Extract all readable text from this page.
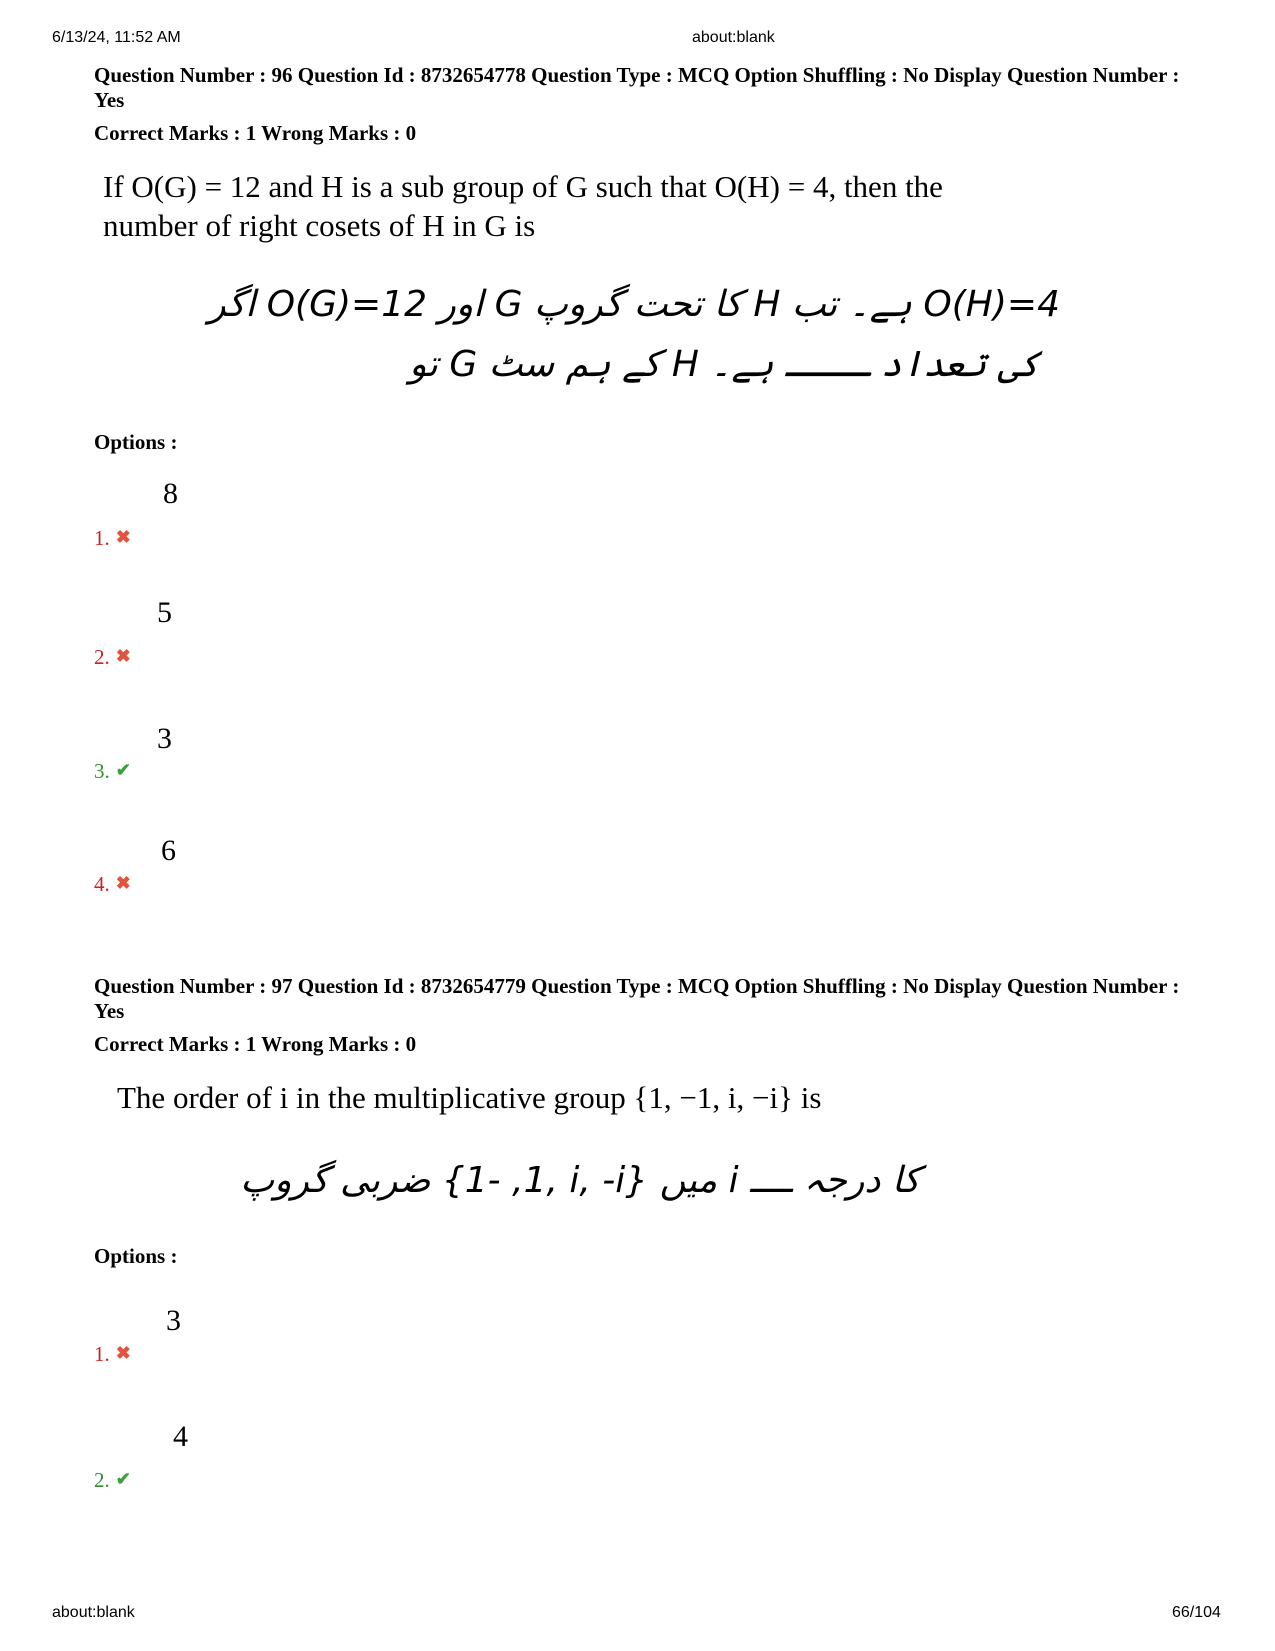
6/13/24, 11:52 AM	about:blank
Question Number : 96 Question Id : 8732654778 Question Type : MCQ Option Shuffling : No Display Question Number : Yes
Correct Marks : 1 Wrong Marks : 0
If O(G) = 12 and H is a sub group of G such that O(H) = 4, then the
number of right cosets of H in G is
اگر O(G)=12 اور G کا تحت گروپ H ہے۔ تب O(H)=4
تو G کے ہم سٹ H کی تعداد ــــ ہے۔
Options :
8
1. ✖
5
2. ✖
3
3. ✔
6
4. ✖
Question Number : 97 Question Id : 8732654779 Question Type : MCQ Option Shuffling : No Display Question Number : Yes
Correct Marks : 1 Wrong Marks : 0
The order of i in the multiplicative group {1, −1, i, −i} is
ضربی گروپ {1, -1, i, -i} میں i کا درجہ ــــ
Options :
3
1. ✖
4
2. ✔
about:blank	66/104
